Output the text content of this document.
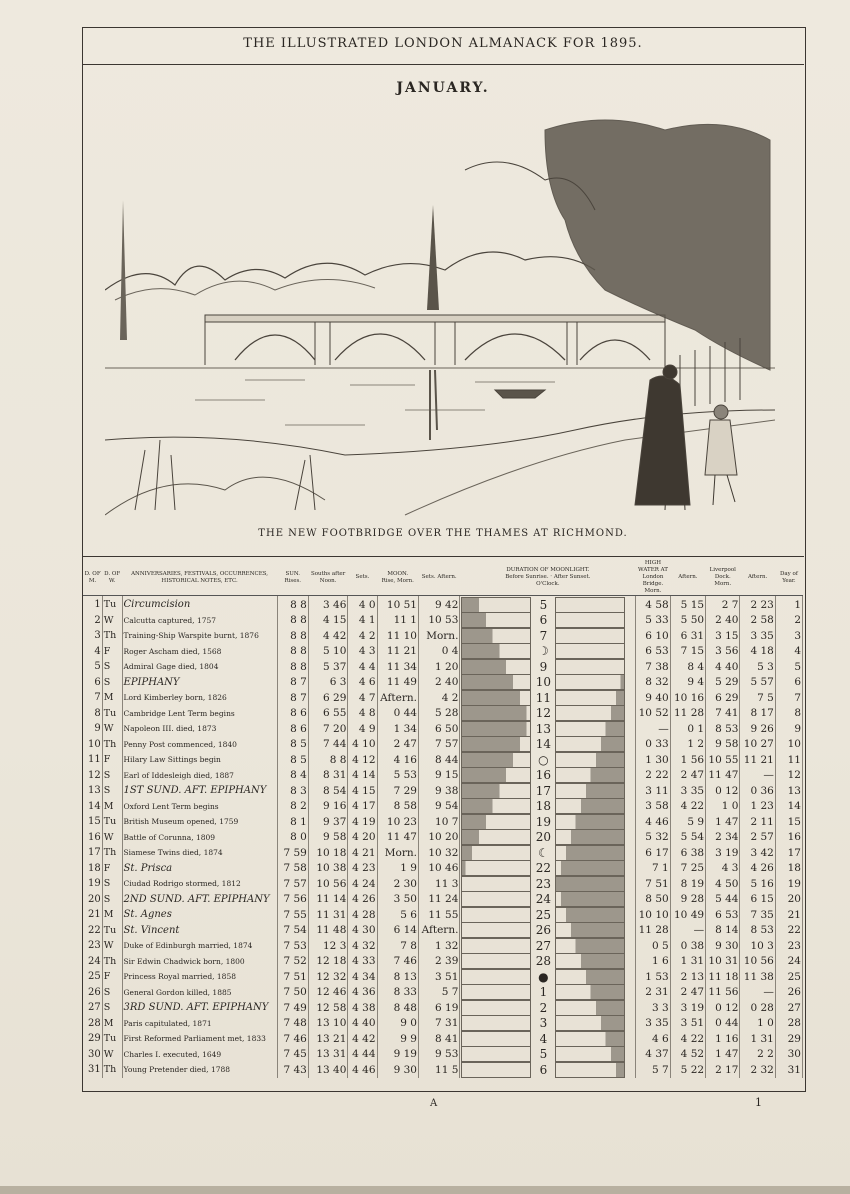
THE ILLUSTRATED LONDON ALMANACK FOR 1895.
JANUARY.
THE NEW FOOTBRIDGE OVER THE THAMES AT RICHMOND.
D. OF M.	D. OF W.	ANNIVERSARIES, FESTIVALS, OCCURRENCES, HISTORICAL NOTES, ETC.	SUN.
Rises.	Souths after Noon.	Sets.	MOON.
Rise, Morn.	Sets. Aftern.	DURATION OF MOONLIGHT.
Before Sunrise. · After Sunset.
O'Clock.	HIGH WATER AT
London Bridge.
Morn.	Aftern.	Liverpool Dock.
Morn.	Aftern.	Day of Year.
1	Tu	Circumcision	8 8	3 46	4 0	10 51	9 42	5	4 58	5 15	2 7	2 23	1
2	W	Calcutta captured, 1757	8 8	4 15	4 1	11 1	10 53	6	5 33	5 50	2 40	2 58	2
3	Th	Training-Ship Warspite burnt, 1876	8 8	4 42	4 2	11 10	Morn.	7	6 10	6 31	3 15	3 35	3
4	F	Roger Ascham died, 1568	8 8	5 10	4 3	11 21	0 4	☽	6 53	7 15	3 56	4 18	4
5	S	Admiral Gage died, 1804	8 8	5 37	4 4	11 34	1 20	9	7 38	8 4	4 40	5 3	5
6	S	EPIPHANY	8 7	6 3	4 6	11 49	2 40	10	8 32	9 4	5 29	5 57	6
7	M	Lord Kimberley born, 1826	8 7	6 29	4 7	Aftern.	4 2	11	9 40	10 16	6 29	7 5	7
8	Tu	Cambridge Lent Term begins	8 6	6 55	4 8	0 44	5 28	12	10 52	11 28	7 41	8 17	8
9	W	Napoleon III. died, 1873	8 6	7 20	4 9	1 34	6 50	13	—	0 1	8 53	9 26	9
10	Th	Penny Post commenced, 1840	8 5	7 44	4 10	2 47	7 57	14	0 33	1 2	9 58	10 27	10
11	F	Hilary Law Sittings begin	8 5	8 8	4 12	4 16	8 44	○	1 30	1 56	10 55	11 21	11
12	S	Earl of Iddesleigh died, 1887	8 4	8 31	4 14	5 53	9 15	16	2 22	2 47	11 47	—	12
13	S	1ST SUND. AFT. EPIPHANY	8 3	8 54	4 15	7 29	9 38	17	3 11	3 35	0 12	0 36	13
14	M	Oxford Lent Term begins	8 2	9 16	4 17	8 58	9 54	18	3 58	4 22	1 0	1 23	14
15	Tu	British Museum opened, 1759	8 1	9 37	4 19	10 23	10 7	19	4 46	5 9	1 47	2 11	15
16	W	Battle of Corunna, 1809	8 0	9 58	4 20	11 47	10 20	20	5 32	5 54	2 34	2 57	16
17	Th	Siamese Twins died, 1874	7 59	10 18	4 21	Morn.	10 32	☾	6 17	6 38	3 19	3 42	17
18	F	St. Prisca	7 58	10 38	4 23	1 9	10 46	22	7 1	7 25	4 3	4 26	18
19	S	Ciudad Rodrigo stormed, 1812	7 57	10 56	4 24	2 30	11 3	23	7 51	8 19	4 50	5 16	19
20	S	2ND SUND. AFT. EPIPHANY	7 56	11 14	4 26	3 50	11 24	24	8 50	9 28	5 44	6 15	20
21	M	St. Agnes	7 55	11 31	4 28	5 6	11 55	25	10 10	10 49	6 53	7 35	21
22	Tu	St. Vincent	7 54	11 48	4 30	6 14	Aftern.	26	11 28	—	8 14	8 53	22
23	W	Duke of Edinburgh married, 1874	7 53	12 3	4 32	7 8	1 32	27	0 5	0 38	9 30	10 3	23
24	Th	Sir Edwin Chadwick born, 1800	7 52	12 18	4 33	7 46	2 39	28	1 6	1 31	10 31	10 56	24
25	F	Princess Royal married, 1858	7 51	12 32	4 34	8 13	3 51	●	1 53	2 13	11 18	11 38	25
26	S	General Gordon killed, 1885	7 50	12 46	4 36	8 33	5 7	1	2 31	2 47	11 56	—	26
27	S	3RD SUND. AFT. EPIPHANY	7 49	12 58	4 38	8 48	6 19	2	3 3	3 19	0 12	0 28	27
28	M	Paris capitulated, 1871	7 48	13 10	4 40	9 0	7 31	3	3 35	3 51	0 44	1 0	28
29	Tu	First Reformed Parliament met, 1833	7 46	13 21	4 42	9 9	8 41	4	4 6	4 22	1 16	1 31	29
30	W	Charles I. executed, 1649	7 45	13 31	4 44	9 19	9 53	5	4 37	4 52	1 47	2 2	30
31	Th	Young Pretender died, 1788	7 43	13 40	4 46	9 30	11 5	6	5 7	5 22	2 17	2 32	31
A	1
